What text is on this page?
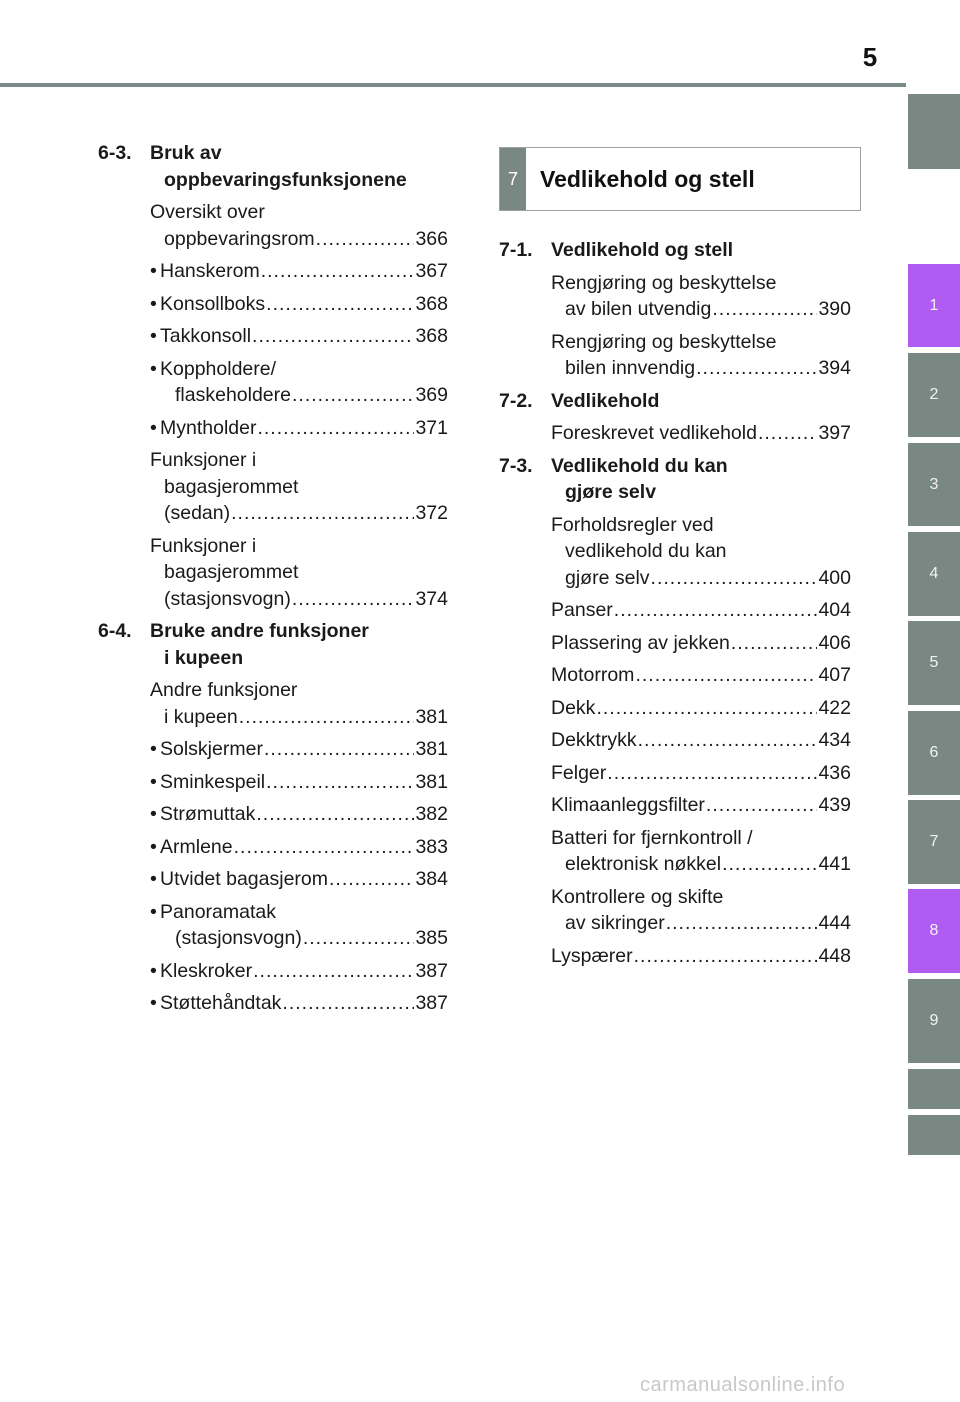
5
1
2
3
4
5
6
7
8
9
6-3. Bruk av
oppbevaringsfunksjonene
Oversikt over
oppbevaringsrom .....	366
• Hanskerom .....	367
• Konsollboks .....	368
• Takkonsoll .....	368
• Koppholdere/
flaskeholdere .....	369
• Myntholder .....	371
Funksjoner i
bagasjerommet
(sedan) .....	372
Funksjoner i
bagasjerommet
(stasjonsvogn) .....	374
6-4. Bruke andre funksjoner
i kupeen
Andre funksjoner
i kupeen .....	381
• Solskjermer .....	381
• Sminkespeil .....	381
• Strømuttak .....	382
• Armlene .....	383
• Utvidet bagasjerom .....	384
• Panoramatak
(stasjonsvogn) .....	385
• Kleskroker .....	387
• Støttehåndtak .....	387
7 Vedlikehold og stell
7-1. Vedlikehold og stell
Rengjøring og beskyttelse
av bilen utvendig .....	390
Rengjøring og beskyttelse
bilen innvendig .....	394
7-2. Vedlikehold
Foreskrevet vedlikehold .....	397
7-3. Vedlikehold du kan
gjøre selv
Forholdsregler ved
vedlikehold du kan
gjøre selv .....	400
Panser .....	404
Plassering av jekken .....	406
Motorrom .....	407
Dekk .....	422
Dekktrykk .....	434
Felger .....	436
Klimaanleggsfilter .....	439
Batteri for fjernkontroll /
elektronisk nøkkel .....	441
Kontrollere og skifte
av sikringer .....	444
Lyspærer .....	448
carmanualsonline.info
